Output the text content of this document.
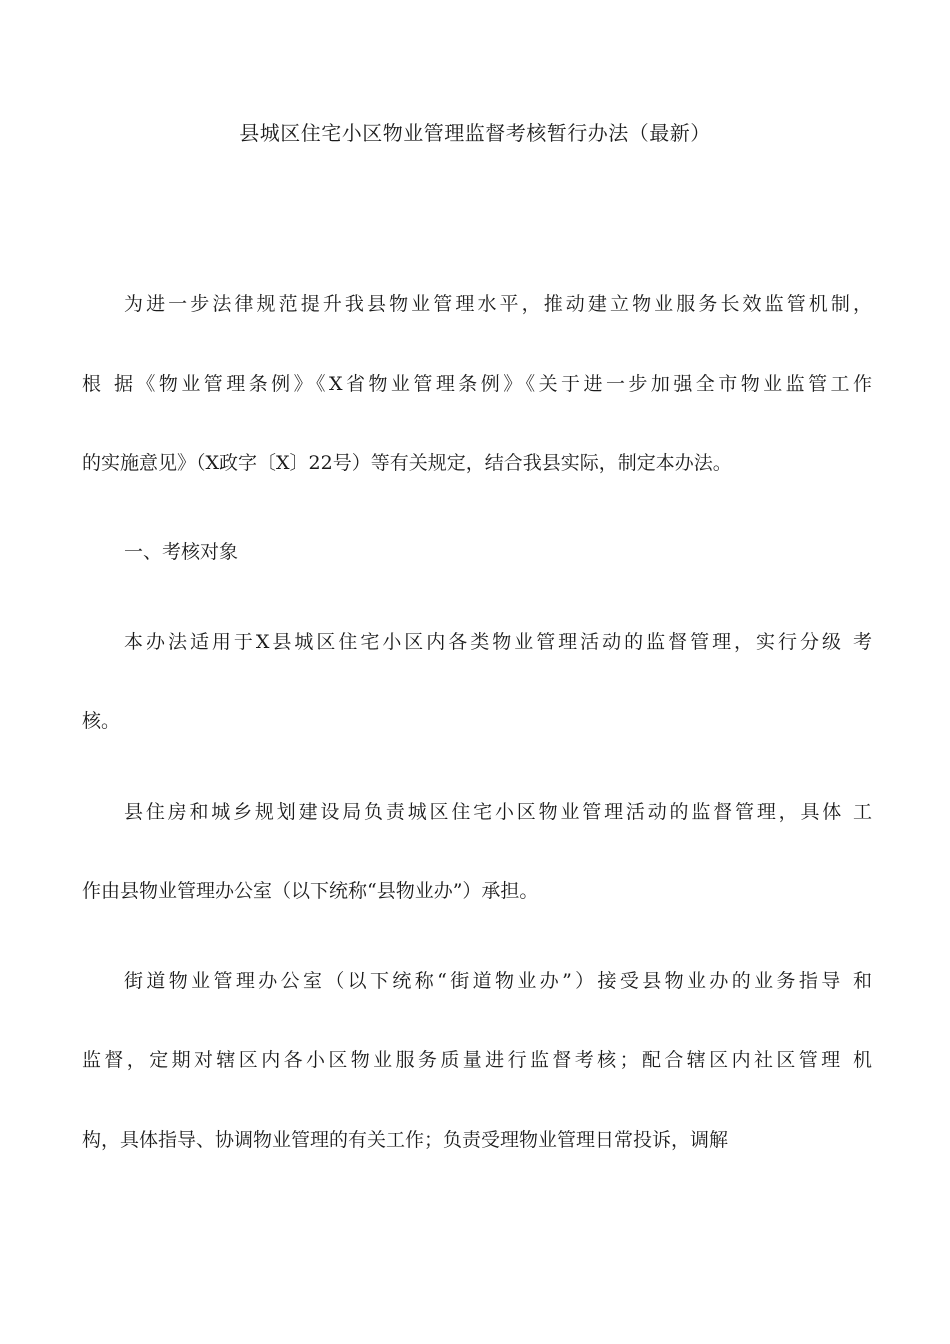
县城区住宅小区物业管理监督考核暂行办法（最新）
为进一步法律规范提升我县物业管理水平，推动建立物业服务长效监管机制，
根 据《物业管理条例》《X省物业管理条例》《关于进一步加强全市物业监管工作
的实施意见》（X政字〔X〕22号）等有关规定，结合我县实际，制定本办法。
一、考核对象
本办法适用于X县城区住宅小区内各类物业管理活动的监督管理，实行分级 考
核。
县住房和城乡规划建设局负责城区住宅小区物业管理活动的监督管理，具体 工
作由县物业管理办公室（以下统称“县物业办”）承担。
街道物业管理办公室（以下统称“街道物业办”）接受县物业办的业务指导 和
监督，定期对辖区内各小区物业服务质量进行监督考核；配合辖区内社区管理 机
构，具体指导、协调物业管理的有关工作；负责受理物业管理日常投诉，调解
